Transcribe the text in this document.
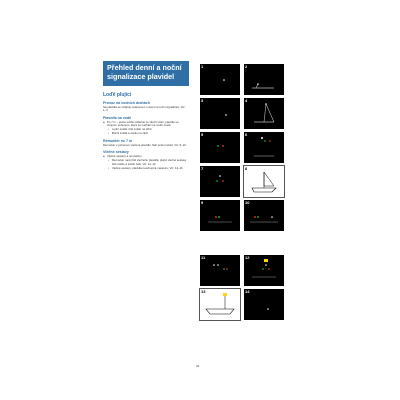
Přehled denní a noční
signalizace plavidel
Loďě plující
Provoz na vodních drahách
Na plavidla se vztahují ustanovení o denní a noční signalizaci. Viz: 1–3
Plavidla na vodě
■ Po 7 m – jedno světlo viditelné ze všech stran; plavidlo se strojním pohonem, které se nachází na vodní cestě.
• Lodní světla: bílé světlo na přídi.
• Boční světla a světlo na zádi.
Remorkér ne 7 m
Remorkér s pohonem vlečené plavidlo; řádí počet světel. Viz: 5–10
Vlečné sestavy
■ Vlečné sestavy a remorkéry.
• Remorkér nad přídí vlečného plavidla; plující vlečné sestavy bílé světlo a světlo zádi. Viz: 11–13
• Vlečné sestavy; plavidla neschopná manévru. Viz: 14–16
1	2
3	4
5	6
7	8
9	10
11	12
13	14
33
